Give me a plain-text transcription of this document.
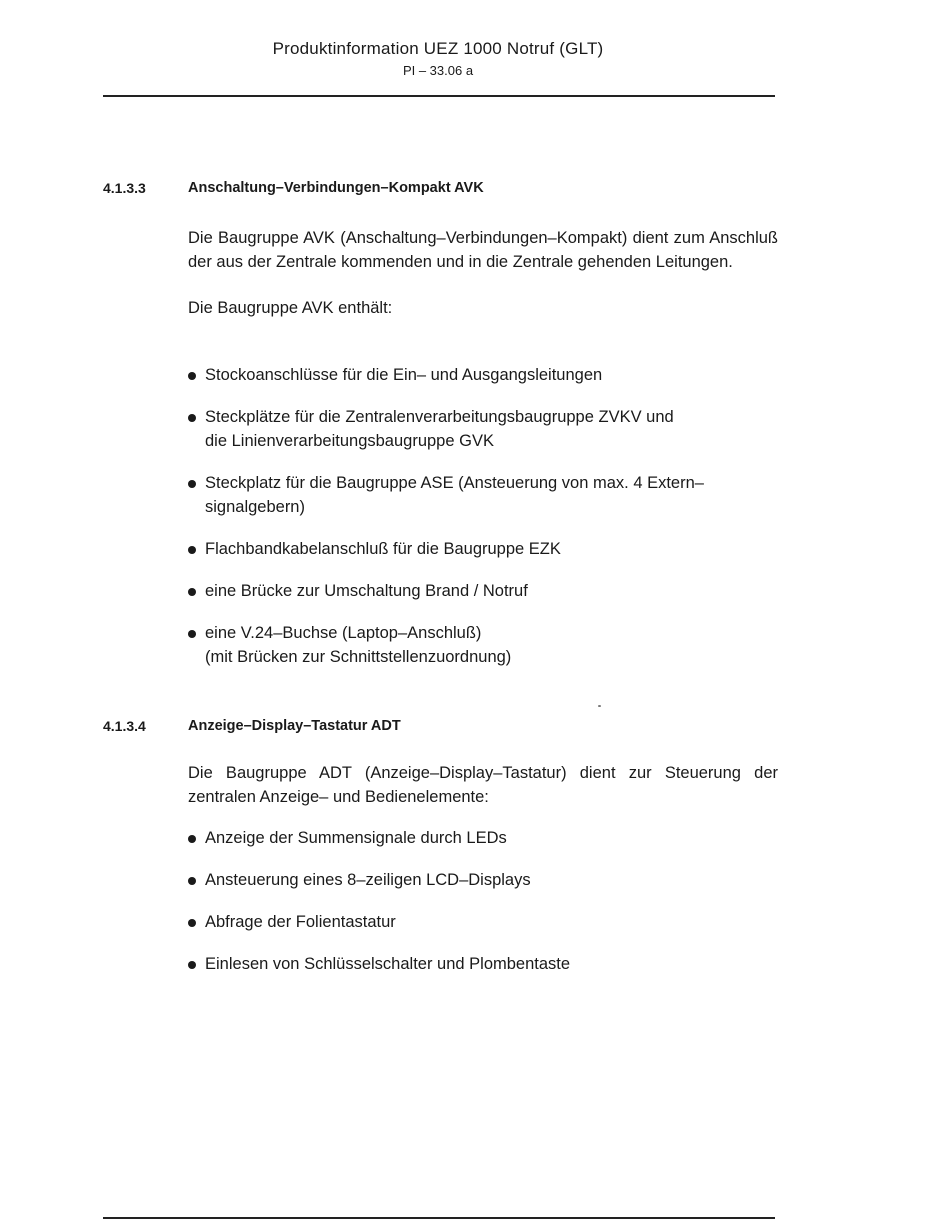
Produktinformation UEZ 1000 Notruf (GLT)
PI – 33.06 a
4.1.3.3	Anschaltung–Verbindungen–Kompakt AVK

Die Baugruppe AVK (Anschaltung–Verbindungen–Kompakt) dient zum Anschluß der aus der Zentrale kommenden und in die Zentrale gehenden Leitungen.

Die Baugruppe AVK enthält:

Stockoanschlüsse für die Ein– und Ausgangsleitungen
Steckplätze für die Zentralenverarbeitungsbaugruppe ZVKV und
die Linienverarbeitungsbaugruppe GVK
Steckplatz für die Baugruppe ASE (Ansteuerung von max. 4 Extern–
signalgebern)
Flachbandkabelanschluß für die Baugruppe EZK
eine Brücke zur Umschaltung Brand / Notruf
eine V.24–Buchse (Laptop–Anschluß)
(mit Brücken zur Schnittstellenzuordnung)
4.1.3.4	Anzeige–Display–Tastatur ADT

Die Baugruppe ADT (Anzeige–Display–Tastatur) dient zur Steuerung der zentralen Anzeige– und Bedienelemente:

Anzeige der Summensignale durch LEDs
Ansteuerung eines 8–zeiligen LCD–Displays
Abfrage der Folientastatur
Einlesen von Schlüsselschalter und Plombentaste
